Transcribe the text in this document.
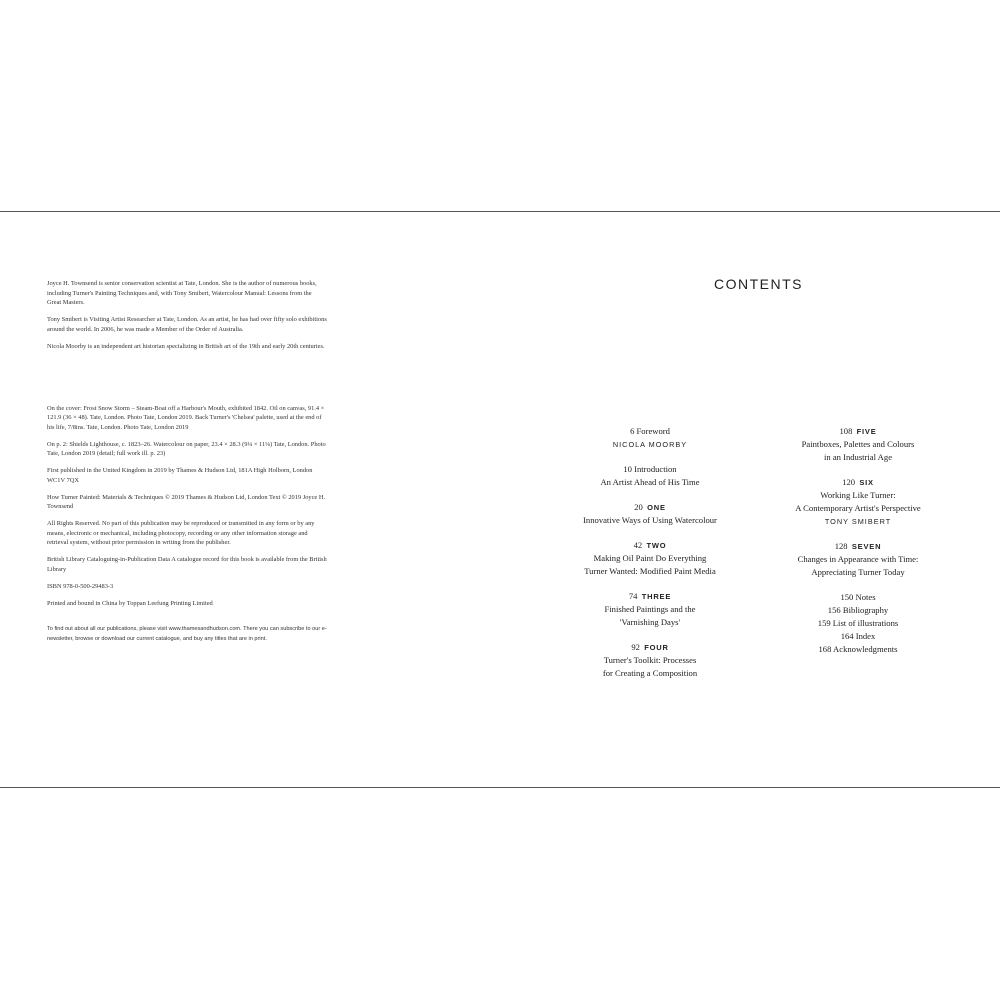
Joyce H. Townsend is senior conservation scientist at Tate, London. She is the author of numerous books, including Turner's Painting Techniques and, with Tony Smibert, Watercolour Manual: Lessons from the Great Masters.

Tony Smibert is Visiting Artist Researcher at Tate, London. As an artist, he has had over fifty solo exhibitions around the world. In 2006, he was made a Member of the Order of Australia.

Nicola Moorby is an independent art historian specializing in British art of the 19th and early 20th centuries.

On the cover: Frost Snow Storm – Steam-Boat off a Harbour's Mouth, exhibited 1842. Oil on canvas, 91.4 × 121.9 (36 × 48). Tate, London. Photo Tate, London 2019. Back Turner's 'Chelsea' palette, used at the end of his life, 7/8ins. Tate, London. Photo Tate, London 2019

On p. 2: Shields Lighthouse, c. 1823–26. Watercolour on paper, 23.4 × 28.3 (9¼ × 11⅛) Tate, London. Photo Tate, London 2019 (detail; full work ill. p. 23)

First published in the United Kingdom in 2019 by Thames & Hudson Ltd, 181A High Holborn, London WC1V 7QX

How Turner Painted: Materials & Techniques © 2019 Thames & Hudson Ltd, London Text © 2019 Joyce H. Townsend

All Rights Reserved. No part of this publication may be reproduced or transmitted in any form or by any means, electronic or mechanical, including photocopy, recording or any other information storage and retrieval system, without prior permission in writing from the publisher.

British Library Cataloguing-in-Publication Data A catalogue record for this book is available from the British Library

ISBN 978-0-500-29483-3

Printed and bound in China by Toppan Leefung Printing Limited

To find out about all our publications, please visit www.thamesandhudson.com. There you can subscribe to our e-newsletter, browse or download our current catalogue, and buy any titles that are in print.

CONTENTS
6 Foreword
NICOLA MOORBY
10 Introduction
An Artist Ahead of His Time
20  ONE
Innovative Ways of Using Watercolour
42  TWO
Making Oil Paint Do Everything
Turner Wanted: Modified Paint Media
74  THREE
Finished Paintings and the
'Varnishing Days'
92  FOUR
Turner's Toolkit: Processes
for Creating a Composition
108  FIVE
Paintboxes, Palettes and Colours
in an Industrial Age
120  SIX
Working Like Turner:
A Contemporary Artist's Perspective
TONY SMIBERT
128  SEVEN
Changes in Appearance with Time:
Appreciating Turner Today
150 Notes
156 Bibliography
159 List of illustrations
164 Index
168 Acknowledgments
